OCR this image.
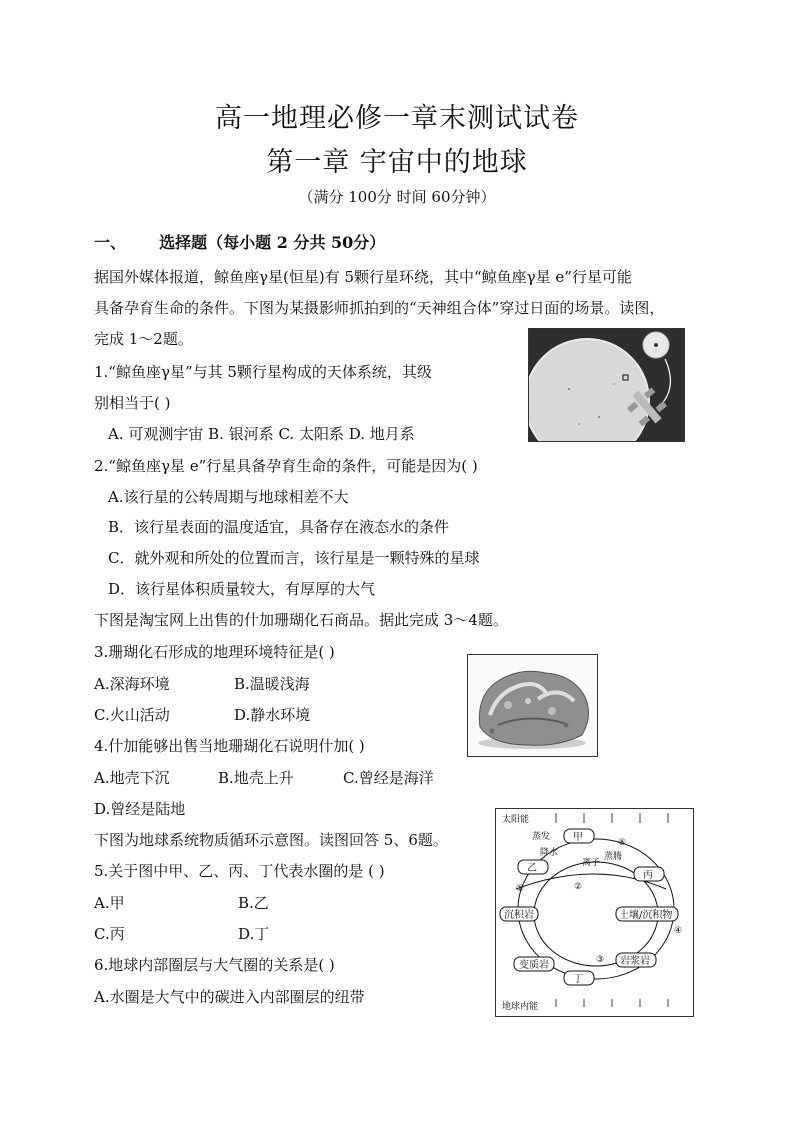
高一地理必修一章末测试试卷
第一章 宇宙中的地球
（满分 100分 时间 60分钟）
一、 选择题（每小题 2 分共 50分）
据国外媒体报道，鲸鱼座γ星(恒星)有 5颗行星环绕，其中“鲸鱼座γ星 e”行星可能
具备孕育生命的条件。下图为某摄影师抓拍到的“天神组合体”穿过日面的场景。读图，
完成 1～2题。
1.“鲸鱼座γ星”与其 5颗行星构成的天体系统，其级
别相当于( )
A. 可观测宇宙 B. 银河系 C. 太阳系 D. 地月系
2.“鲸鱼座γ星 e”行星具备孕育生命的条件，可能是因为( )
A.该行星的公转周期与地球相差不大
B．该行星表面的温度适宜，具备存在液态水的条件
C．就外观和所处的位置而言，该行星是一颗特殊的星球
D．该行星体积质量较大，有厚厚的大气
下图是淘宝网上出售的什加珊瑚化石商品。据此完成 3～4题。
3.珊瑚化石形成的地理环境特征是( )
A.深海环境	B.温暖浅海
C.火山活动	D.静水环境
4.什加能够出售当地珊瑚化石说明什加( )
A.地壳下沉	B.地壳上升	C.曾经是海洋
D.曾经是陆地
下图为地球系统物质循环示意图。读图回答 5、6题。
5.关于图中甲、乙、丙、丁代表水圈的是 ( )
A.甲	B.乙
C.丙	D.丁
6.地球内部圈层与大气圈的关系是( )
A.水圈是大气中的碳进入内部圈层的纽带
太阳能
地球内能
甲
乙
丙
沉积岩	土壤/沉积物
变质岩	岩浆岩
丁
蒸发
降水
离子
蒸腾
①	②
③
④
⑤
